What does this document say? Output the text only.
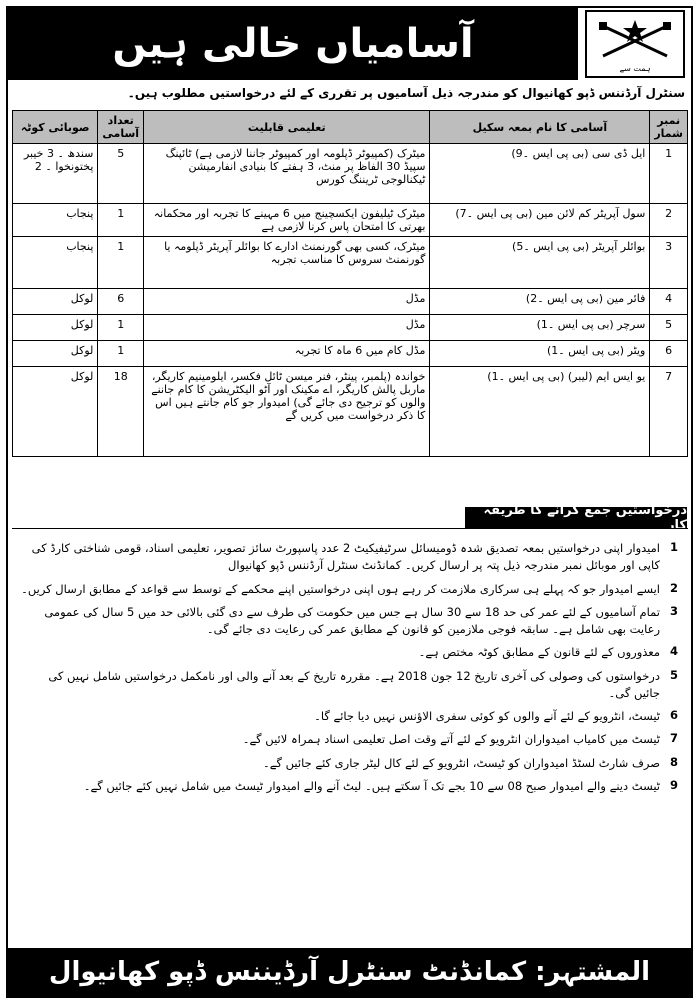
آسامیاں خالی ہیں
ہمت سے
سنٹرل آرڈننس ڈپو کھانیوال کو مندرجہ ذیل آسامیوں پر تقرری کے لئے درخواستیں مطلوب ہیں۔
نمبر شمار	آسامی کا نام بمعہ سکیل	تعلیمی قابلیت	تعداد آسامی	صوبائی کوٹہ
1	ایل ڈی سی (بی پی ایس ۔9)	میٹرک (کمپیوٹر ڈپلومہ اور کمپیوٹر جاننا لازمی ہے) ٹائپنگ سپیڈ 30 الفاظ پر منٹ، 3 ہفتے کا بنیادی انفارمیشن ٹیکنالوجی ٹریننگ کورس	5	سندھ ۔ 3 خیبر پختونخوا ۔ 2
2	سول آپریٹر کم لائن مین (بی پی ایس ۔7)	میٹرک ٹیلیفون ایکسچینج میں 6 مہینے کا تجربہ اور محکمانہ بھرتی کا امتحان پاس کرنا لازمی ہے	1	پنجاب
3	بوائلر آپریٹر (بی پی ایس ۔5)	میٹرک، کسی بھی گورنمنٹ ادارے کا بوائلر آپریٹر ڈپلومہ یا گورنمنٹ سروس کا مناسب تجربہ	1	پنجاب
4	فائر مین (بی پی ایس ۔2)	مڈل	6	لوکل
5	سرچر (بی پی ایس ۔1)	مڈل	1	لوکل
6	ویٹر (بی پی ایس ۔1)	مڈل کام میں 6 ماہ کا تجربہ	1	لوکل
7	یو ایس ایم (لیبر) (بی پی ایس ۔1)	خواندہ (پلمبر، پینٹر، فنر میسن ٹائل فکسر، ایلومینیم کاریگر، ماربل پالش کاریگر، اے مکینک اور آٹو الیکٹریشن کا کام جاننے والوں کو ترجیح دی جائے گی) امیدوار جو کام جانتے ہیں اس کا ذکر درخواست میں کریں گے	18	لوکل
درخواستیں جمع کرانے کا طریقہ کار
1
امیدوار اپنی درخواستیں بمعہ تصدیق شدہ ڈومیسائل سرٹیفیکیٹ 2 عدد پاسپورٹ سائز تصویر، تعلیمی اسناد، قومی شناختی کارڈ کی کاپی اور موبائل نمبر مندرجہ ذیل پتہ پر ارسال کریں۔ کمانڈنٹ سنٹرل آرڈننس ڈپو کھانیوال
2
ایسے امیدوار جو کہ پہلے ہی سرکاری ملازمت کر رہے ہوں اپنی درخواستیں اپنے محکمے کے توسط سے قواعد کے مطابق ارسال کریں۔
3
تمام آسامیوں کے لئے عمر کی حد 18 سے 30 سال ہے جس میں حکومت کی طرف سے دی گئی بالائی حد میں 5 سال کی عمومی رعایت بھی شامل ہے۔ سابقہ فوجی ملازمین کو قانون کے مطابق عمر کی رعایت دی جائے گی۔
4
معذوروں کے لئے قانون کے مطابق کوٹہ مختص ہے۔
5
درخواستوں کی وصولی کی آخری تاریخ 12 جون 2018 ہے۔ مقررہ تاریخ کے بعد آنے والی اور نامکمل درخواستیں شامل نہیں کی جائیں گی۔
6
ٹیسٹ، انٹرویو کے لئے آنے والوں کو کوئی سفری الاؤنس نہیں دیا جائے گا۔
7
ٹیسٹ میں کامیاب امیدواران انٹرویو کے لئے آتے وقت اصل تعلیمی اسناد ہمراہ لائیں گے۔
8
صرف شارٹ لسٹڈ امیدواران کو ٹیسٹ، انٹرویو کے لئے کال لیٹر جاری کئے جائیں گے۔
9
ٹیسٹ دینے والے امیدوار صبح 08 سے 10 بجے تک آ سکتے ہیں۔ لیٹ آنے والے امیدوار ٹیسٹ میں شامل نہیں کئے جائیں گے۔
المشتہر: کمانڈنٹ سنٹرل آرڈیننس ڈپو کھانیوال
